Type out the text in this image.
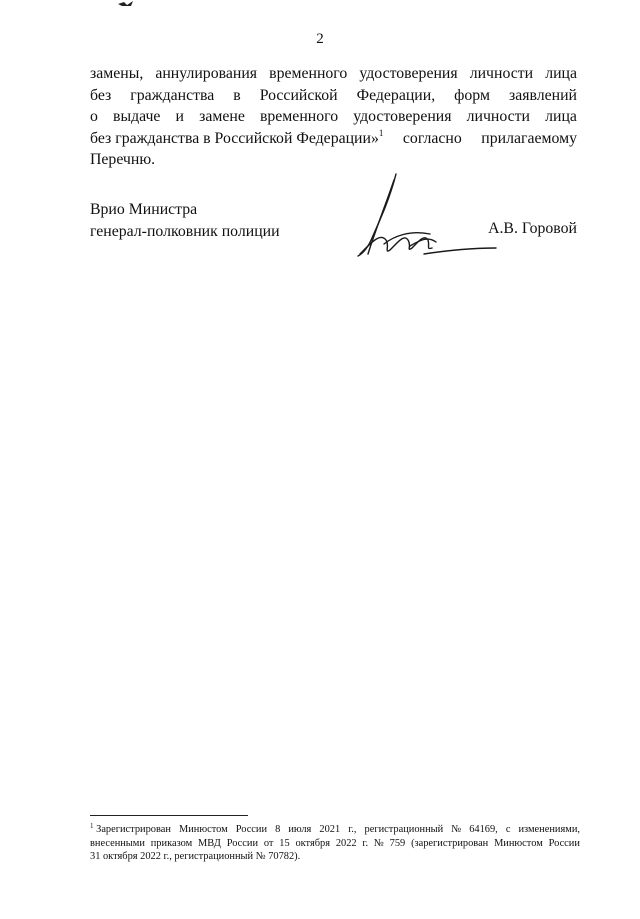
2
замены, аннулирования временного удостоверения личности лица
без гражданства в Российской Федерации, форм заявлений
о выдаче и замене временного удостоверения личности лица
без гражданства в Российской Федерации»$^1$ согласно прилагаемому
Перечню.
Врио Министра
генерал-полковник полиции	А.В. Горовой
$^1$ Зарегистрирован Минюстом России 8 июля 2021 г., регистрационный № 64169, с изменениями,
внесенными приказом МВД России от 15 октября 2022 г. № 759 (зарегистрирован Минюстом России
31 октября 2022 г., регистрационный № 70782).
